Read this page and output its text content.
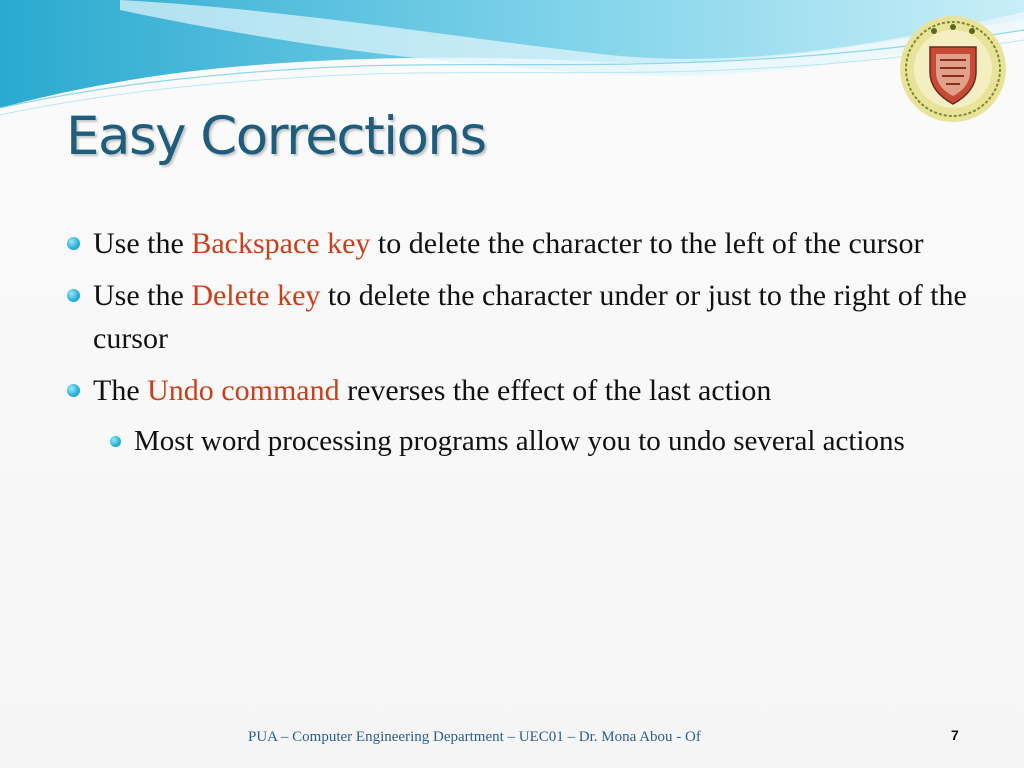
Easy Corrections
Use the Backspace key to delete the character to the left of the cursor
Use the Delete key to delete the character under or just to the right of the cursor
The Undo command reverses the effect of the last action
Most word processing programs allow you to undo several actions
PUA – Computer Engineering Department – UEC01 – Dr. Mona Abou - Of	7
